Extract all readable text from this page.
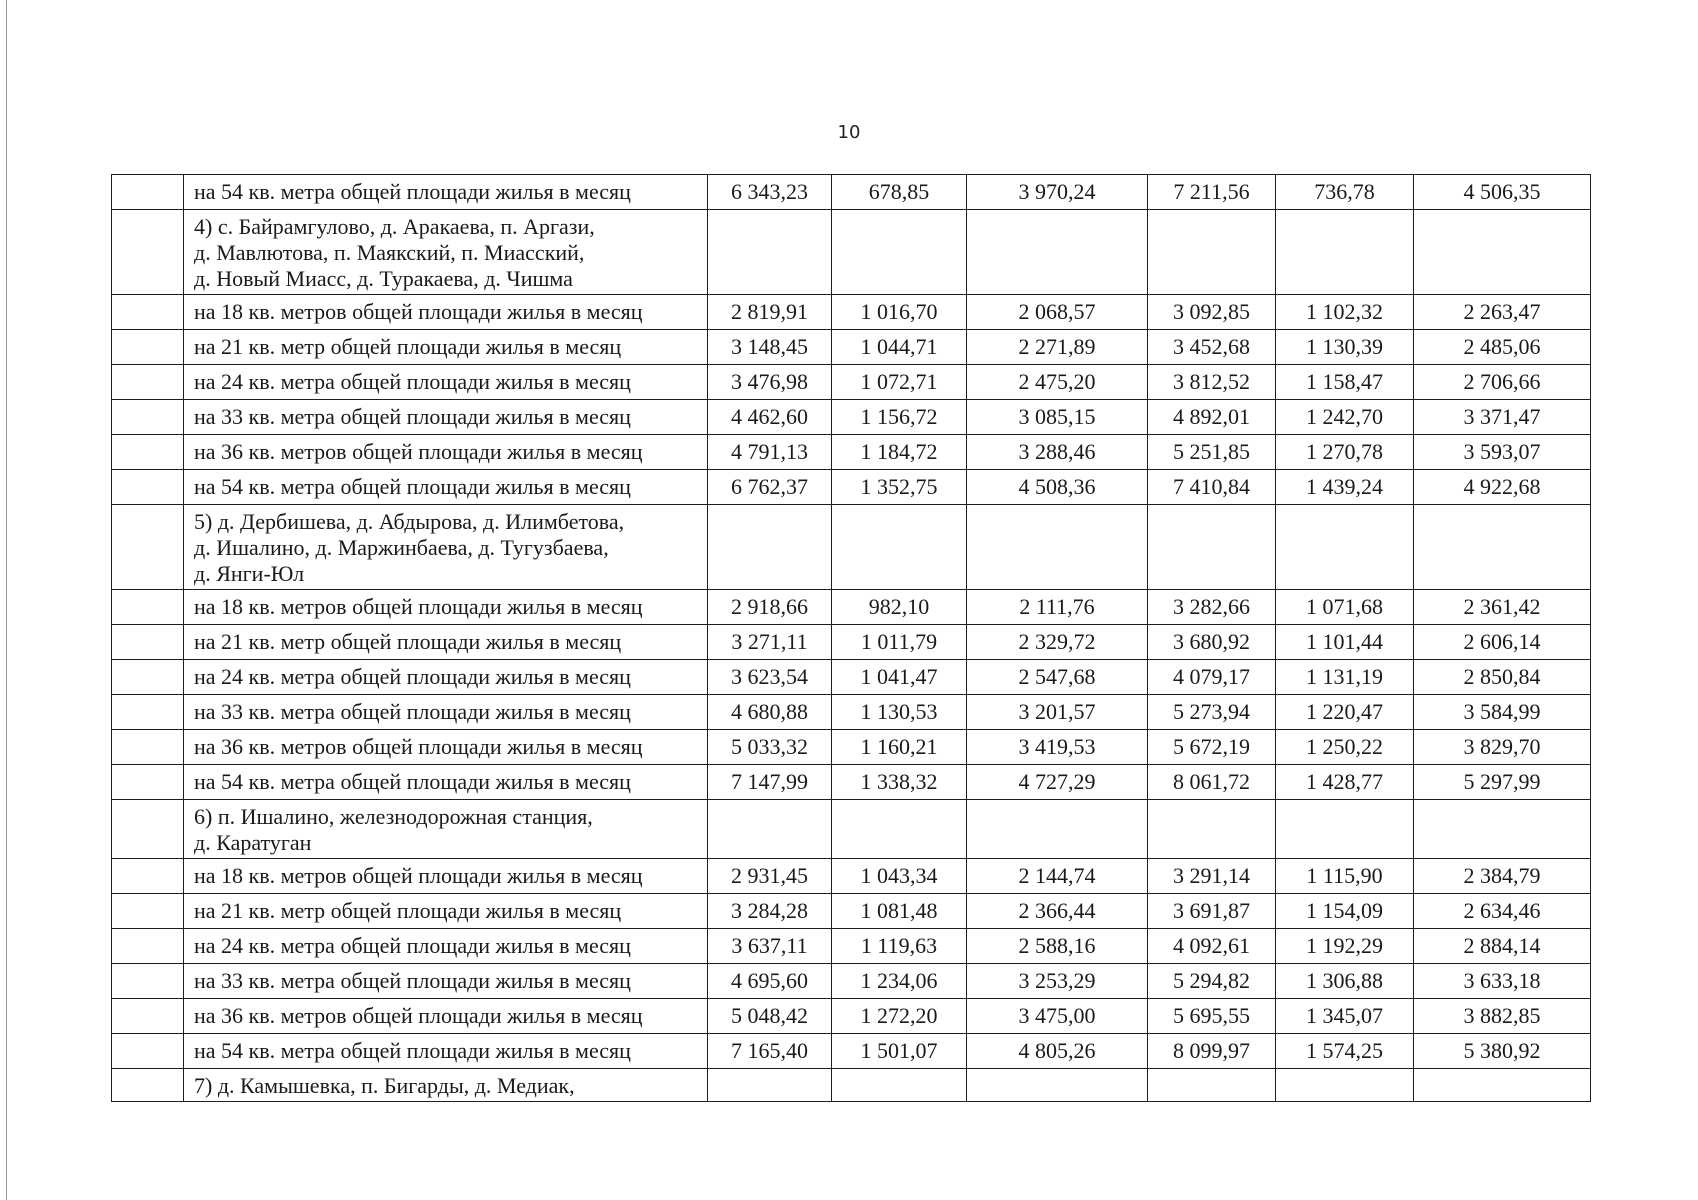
10
	на 54 кв. метра общей площади жилья в месяц	6 343,23	678,85	3 970,24	7 211,56	736,78	4 506,35

	4) с. Байрамгулово, д. Аракаева, п. Аргази,
д. Мавлютова, п. Маякский, п. Миасский,
д. Новый Миасс, д. Туракаева, д. Чишма						

	на 18 кв. метров общей площади жилья в месяц	2 819,91	1 016,70	2 068,57	3 092,85	1 102,32	2 263,47
	на 21 кв. метр общей площади жилья в месяц	3 148,45	1 044,71	2 271,89	3 452,68	1 130,39	2 485,06
	на 24 кв. метра общей площади жилья в месяц	3 476,98	1 072,71	2 475,20	3 812,52	1 158,47	2 706,66
	на 33 кв. метра общей площади жилья в месяц	4 462,60	1 156,72	3 085,15	4 892,01	1 242,70	3 371,47
	на 36 кв. метров общей площади жилья в месяц	4 791,13	1 184,72	3 288,46	5 251,85	1 270,78	3 593,07
	на 54 кв. метра общей площади жилья в месяц	6 762,37	1 352,75	4 508,36	7 410,84	1 439,24	4 922,68

	5) д. Дербишева, д. Абдырова, д. Илимбетова,
д. Ишалино, д. Маржинбаева, д. Тугузбаева,
д. Янги-Юл						

	на 18 кв. метров общей площади жилья в месяц	2 918,66	982,10	2 111,76	3 282,66	1 071,68	2 361,42
	на 21 кв. метр общей площади жилья в месяц	3 271,11	1 011,79	2 329,72	3 680,92	1 101,44	2 606,14
	на 24 кв. метра общей площади жилья в месяц	3 623,54	1 041,47	2 547,68	4 079,17	1 131,19	2 850,84
	на 33 кв. метра общей площади жилья в месяц	4 680,88	1 130,53	3 201,57	5 273,94	1 220,47	3 584,99
	на 36 кв. метров общей площади жилья в месяц	5 033,32	1 160,21	3 419,53	5 672,19	1 250,22	3 829,70
	на 54 кв. метра общей площади жилья в месяц	7 147,99	1 338,32	4 727,29	8 061,72	1 428,77	5 297,99

	6) п. Ишалино, железнодорожная станция,
д. Каратуган						

	на 18 кв. метров общей площади жилья в месяц	2 931,45	1 043,34	2 144,74	3 291,14	1 115,90	2 384,79
	на 21 кв. метр общей площади жилья в месяц	3 284,28	1 081,48	2 366,44	3 691,87	1 154,09	2 634,46
	на 24 кв. метра общей площади жилья в месяц	3 637,11	1 119,63	2 588,16	4 092,61	1 192,29	2 884,14
	на 33 кв. метра общей площади жилья в месяц	4 695,60	1 234,06	3 253,29	5 294,82	1 306,88	3 633,18
	на 36 кв. метров общей площади жилья в месяц	5 048,42	1 272,20	3 475,00	5 695,55	1 345,07	3 882,85
	на 54 кв. метра общей площади жилья в месяц	7 165,40	1 501,07	4 805,26	8 099,97	1 574,25	5 380,92

	7) д. Камышевка, п. Бигарды, д. Медиак,						
